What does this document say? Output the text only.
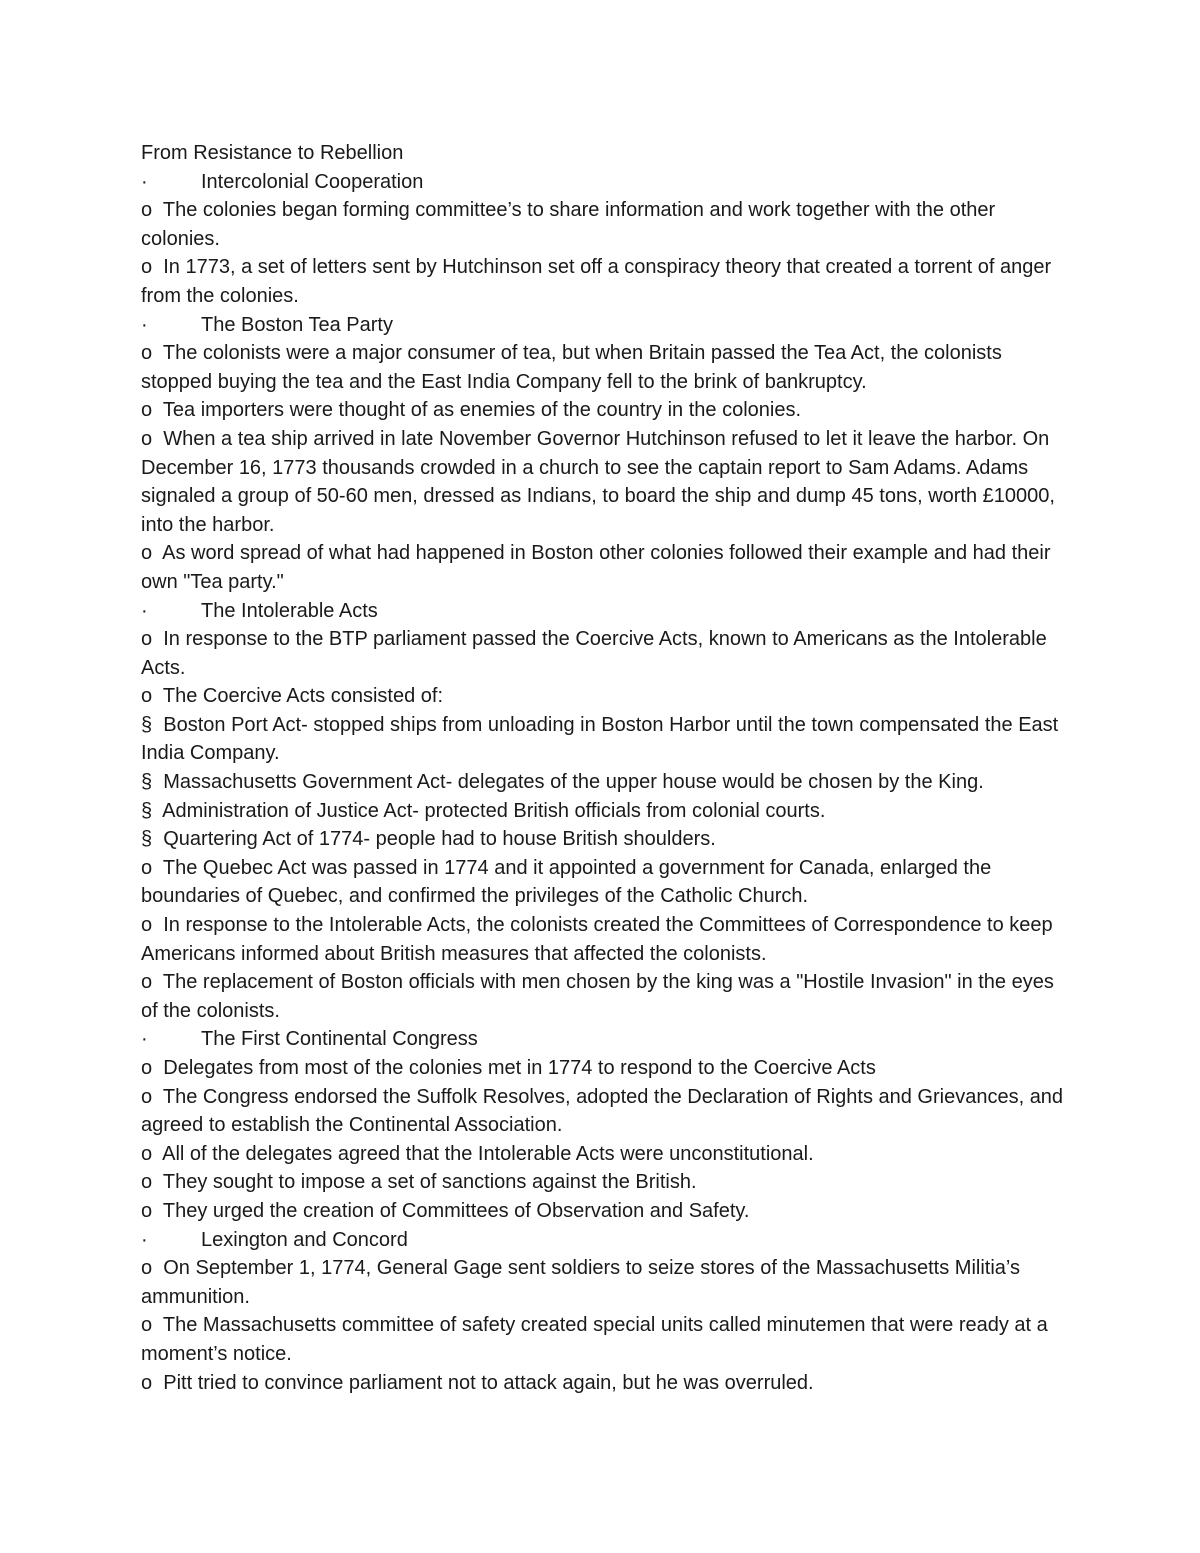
From Resistance to Rebellion
·	Intercolonial Cooperation
o The colonies began forming committee’s to share information and work together with the other colonies.
o In 1773, a set of letters sent by Hutchinson set off a conspiracy theory that created a torrent of anger from the colonies.
·	The Boston Tea Party
o The colonists were a major consumer of tea, but when Britain passed the Tea Act, the colonists stopped buying the tea and the East India Company fell to the brink of bankruptcy.
o Tea importers were thought of as enemies of the country in the colonies.
o When a tea ship arrived in late November Governor Hutchinson refused to let it leave the harbor. On December 16, 1773 thousands crowded in a church to see the captain report to Sam Adams. Adams signaled a group of 50-60 men, dressed as Indians, to board the ship and dump 45 tons, worth £10000, into the harbor.
o As word spread of what had happened in Boston other colonies followed their example and had their own "Tea party."
·	The Intolerable Acts
o In response to the BTP parliament passed the Coercive Acts, known to Americans as the Intolerable Acts.
o The Coercive Acts consisted of:
§ Boston Port Act- stopped ships from unloading in Boston Harbor until the town compensated the East India Company.
§ Massachusetts Government Act- delegates of the upper house would be chosen by the King.
§ Administration of Justice Act- protected British officials from colonial courts.
§ Quartering Act of 1774- people had to house British shoulders.
o The Quebec Act was passed in 1774 and it appointed a government for Canada, enlarged the boundaries of Quebec, and confirmed the privileges of the Catholic Church.
o In response to the Intolerable Acts, the colonists created the Committees of Correspondence to keep Americans informed about British measures that affected the colonists.
o The replacement of Boston officials with men chosen by the king was a "Hostile Invasion" in the eyes of the colonists.
·	The First Continental Congress
o Delegates from most of the colonies met in 1774 to respond to the Coercive Acts
o The Congress endorsed the Suffolk Resolves, adopted the Declaration of Rights and Grievances, and agreed to establish the Continental Association.
o All of the delegates agreed that the Intolerable Acts were unconstitutional.
o They sought to impose a set of sanctions against the British.
o They urged the creation of Committees of Observation and Safety.
·	Lexington and Concord
o On September 1, 1774, General Gage sent soldiers to seize stores of the Massachusetts Militia’s ammunition.
o The Massachusetts committee of safety created special units called minutemen that were ready at a moment’s notice.
o Pitt tried to convince parliament not to attack again, but he was overruled.
